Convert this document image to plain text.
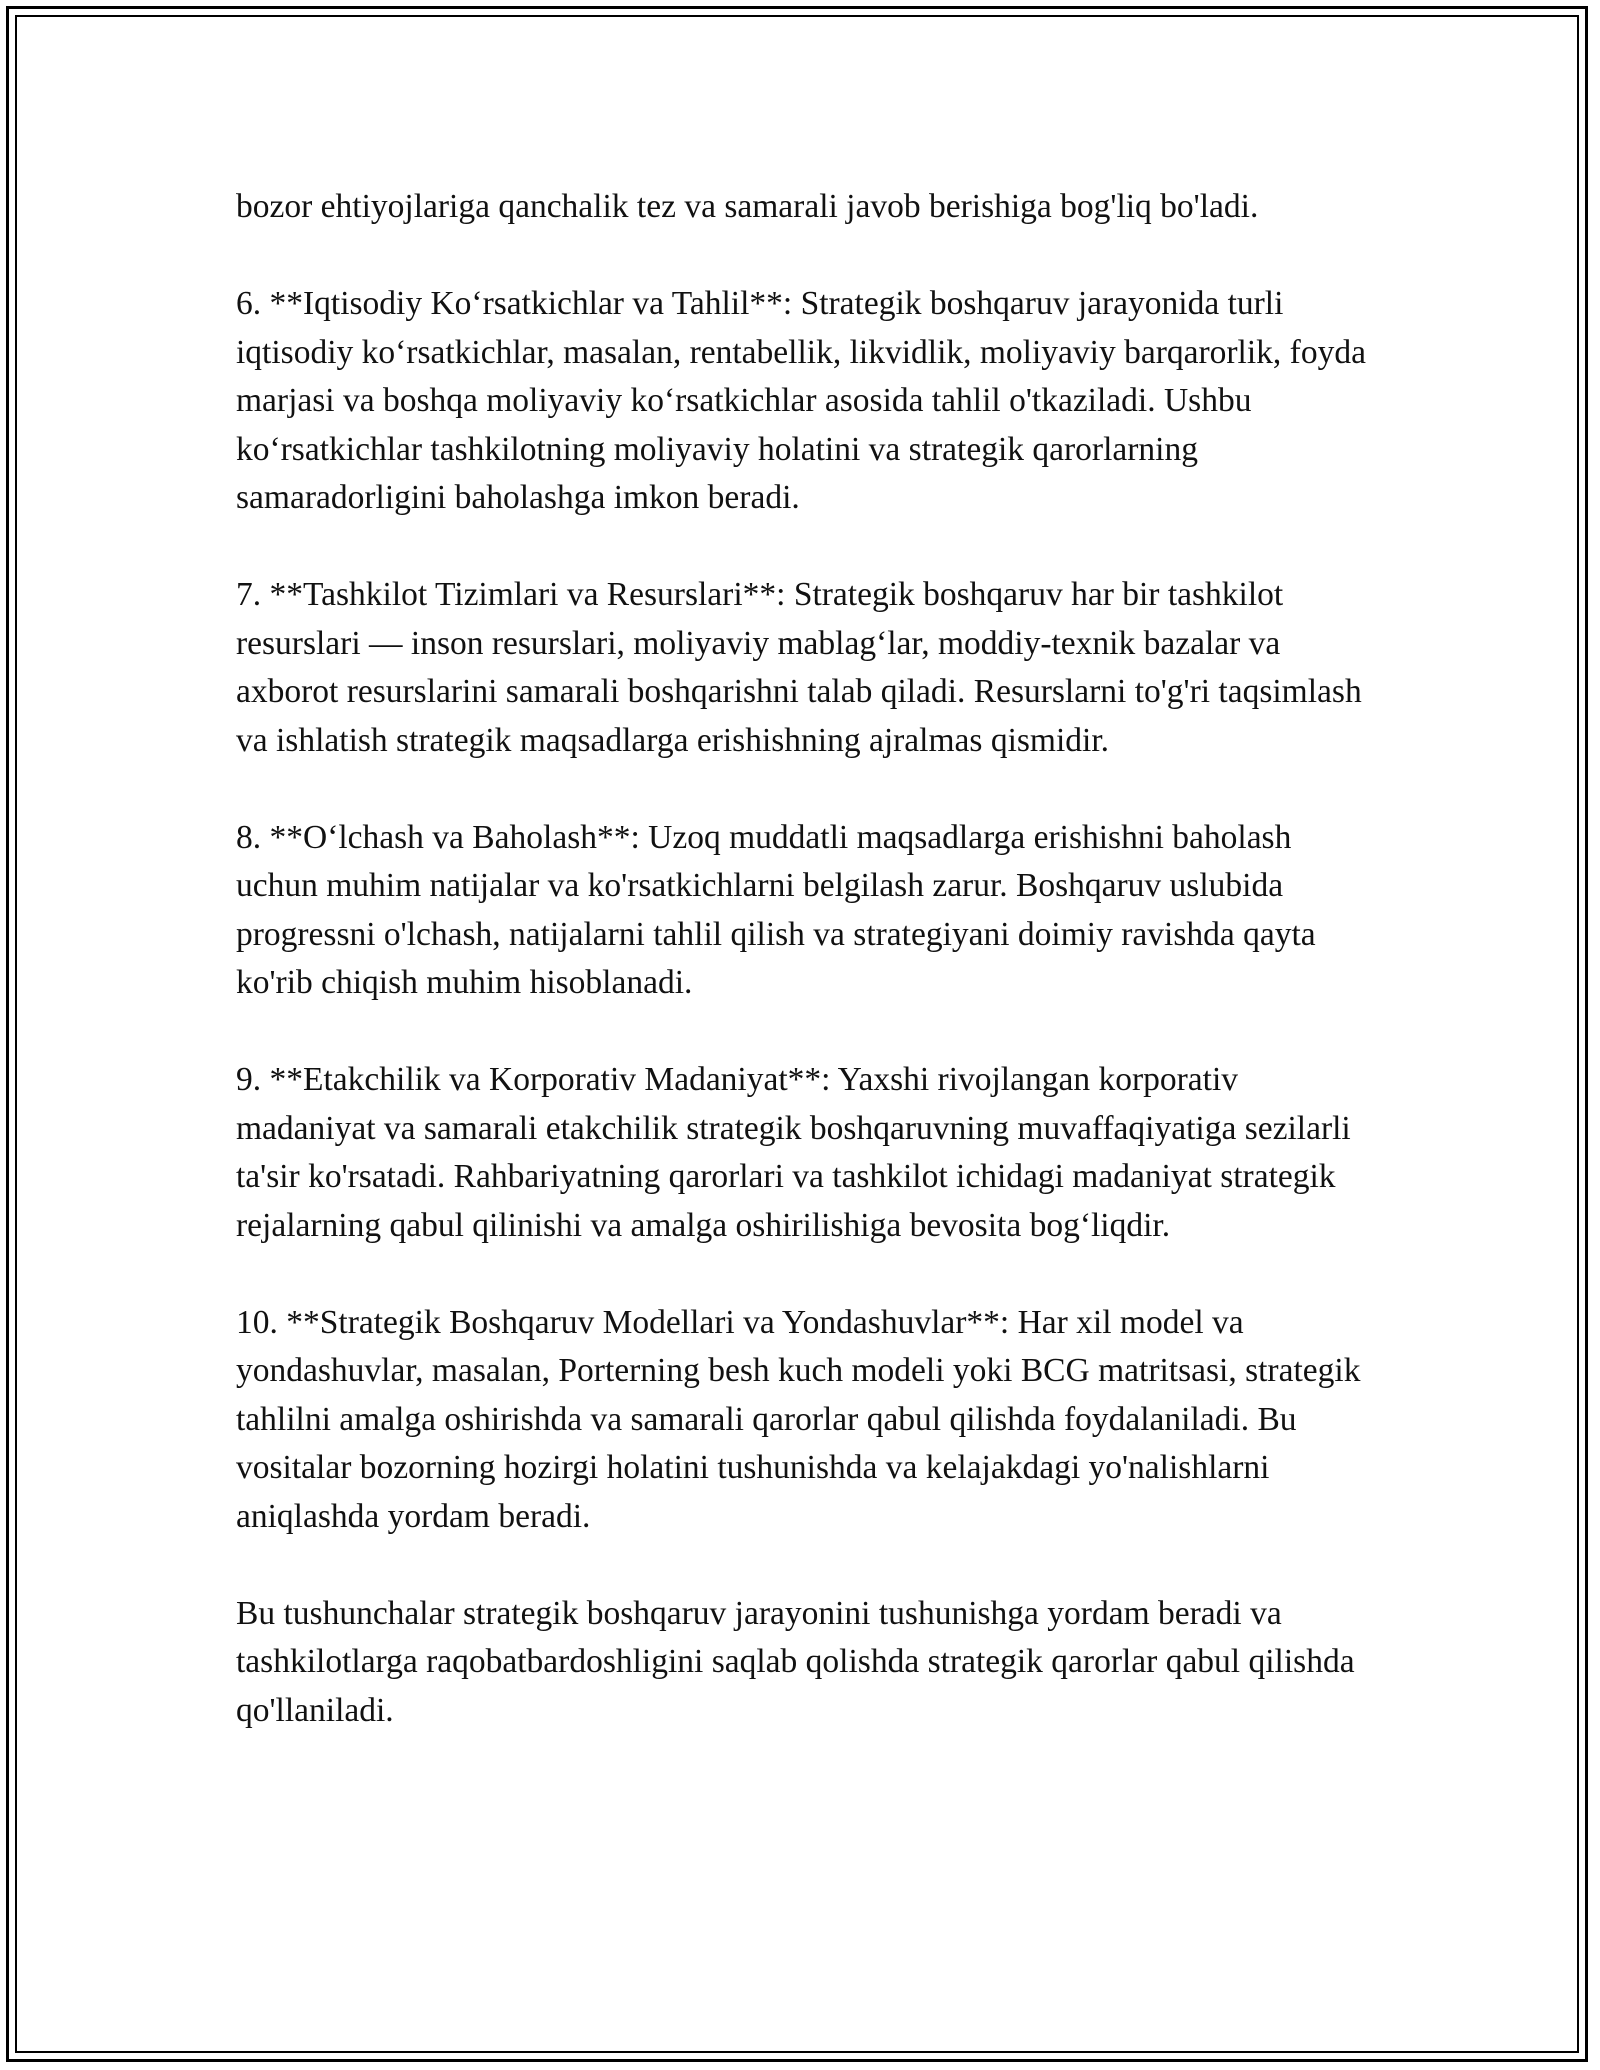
bozor ehtiyojlariga qanchalik tez va samarali javob berishiga bog'liq bo'ladi.

6. **Iqtisodiy Koʻrsatkichlar va Tahlil**: Strategik boshqaruv jarayonida turli iqtisodiy koʻrsatkichlar, masalan, rentabellik, likvidlik, moliyaviy barqarorlik, foyda marjasi va boshqa moliyaviy koʻrsatkichlar asosida tahlil o'tkaziladi. Ushbu koʻrsatkichlar tashkilotning moliyaviy holatini va strategik qarorlarning samaradorligini baholashga imkon beradi.

7. **Tashkilot Tizimlari va Resurslari**: Strategik boshqaruv har bir tashkilot resurslari — inson resurslari, moliyaviy mablagʻlar, moddiy-texnik bazalar va axborot resurslarini samarali boshqarishni talab qiladi. Resurslarni to'g'ri taqsimlash va ishlatish strategik maqsadlarga erishishning ajralmas qismidir.

8. **Oʻlchash va Baholash**: Uzoq muddatli maqsadlarga erishishni baholash uchun muhim natijalar va ko'rsatkichlarni belgilash zarur. Boshqaruv uslubida progressni o'lchash, natijalarni tahlil qilish va strategiyani doimiy ravishda qayta ko'rib chiqish muhim hisoblanadi.

9. **Etakchilik va Korporativ Madaniyat**: Yaxshi rivojlangan korporativ madaniyat va samarali etakchilik strategik boshqaruvning muvaffaqiyatiga sezilarli ta'sir ko'rsatadi. Rahbariyatning qarorlari va tashkilot ichidagi madaniyat strategik rejalarning qabul qilinishi va amalga oshirilishiga bevosita bogʻliqdir.

10. **Strategik Boshqaruv Modellari va Yondashuvlar**: Har xil model va yondashuvlar, masalan, Porterning besh kuch modeli yoki BCG matritsasi, strategik tahlilni amalga oshirishda va samarali qarorlar qabul qilishda foydalaniladi. Bu vositalar bozorning hozirgi holatini tushunishda va kelajakdagi yo'nalishlarni aniqlashda yordam beradi.

Bu tushunchalar strategik boshqaruv jarayonini tushunishga yordam beradi va tashkilotlarga raqobatbardoshligini saqlab qolishda strategik qarorlar qabul qilishda qo'llaniladi.
